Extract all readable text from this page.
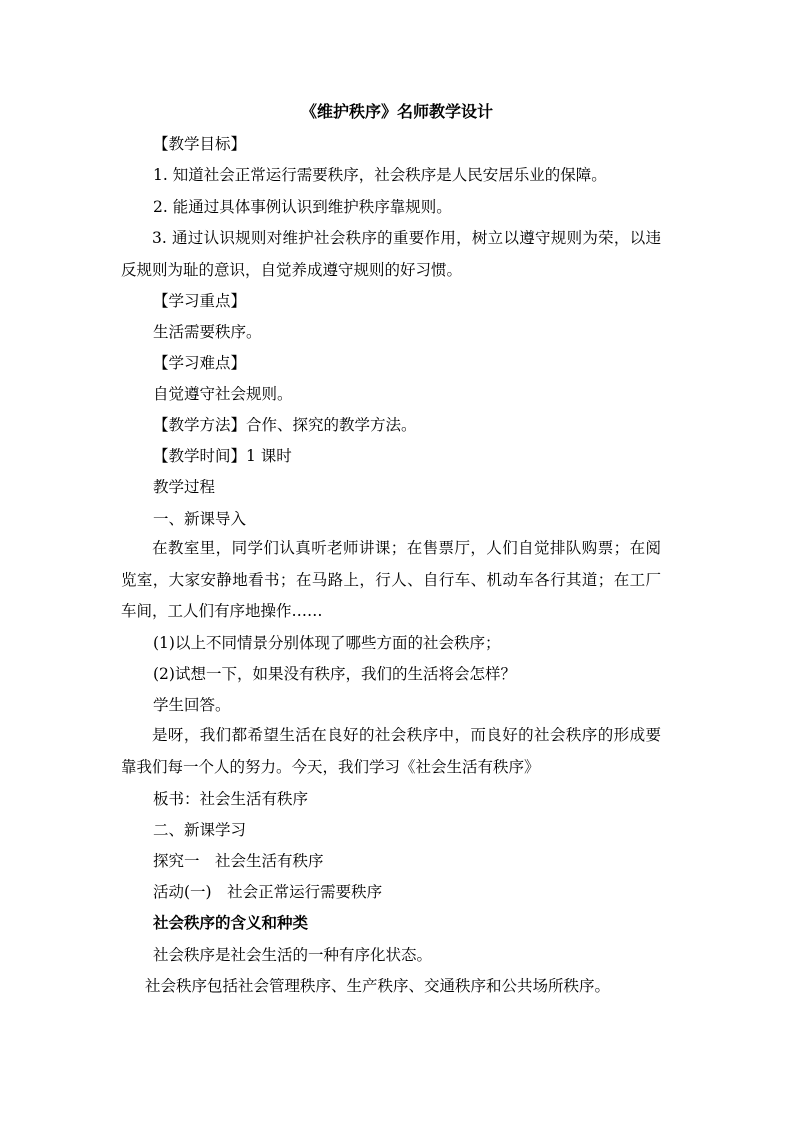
《维护秩序》名师教学设计
【教学目标】
1. 知道社会正常运行需要秩序，社会秩序是人民安居乐业的保障。
2. 能通过具体事例认识到维护秩序靠规则。
3. 通过认识规则对维护社会秩序的重要作用，树立以遵守规则为荣，以违反规则为耻的意识，自觉养成遵守规则的好习惯。
【学习重点】
生活需要秩序。
【学习难点】
自觉遵守社会规则。
【教学方法】合作、探究的教学方法。
【教学时间】1 课时
教学过程
一、新课导入
在教室里，同学们认真听老师讲课；在售票厅，人们自觉排队购票；在阅览室，大家安静地看书；在马路上，行人、自行车、机动车各行其道；在工厂车间，工人们有序地操作……
(1)以上不同情景分别体现了哪些方面的社会秩序；
(2)试想一下，如果没有秩序，我们的生活将会怎样？
学生回答。
是呀，我们都希望生活在良好的社会秩序中，而良好的社会秩序的形成要靠我们每一个人的努力。今天，我们学习《社会生活有秩序》
板书：社会生活有秩序
二、新课学习
探究一　社会生活有秩序
活动(一)　社会正常运行需要秩序
社会秩序的含义和种类
社会秩序是社会生活的一种有序化状态。
社会秩序包括社会管理秩序、生产秩序、交通秩序和公共场所秩序。
